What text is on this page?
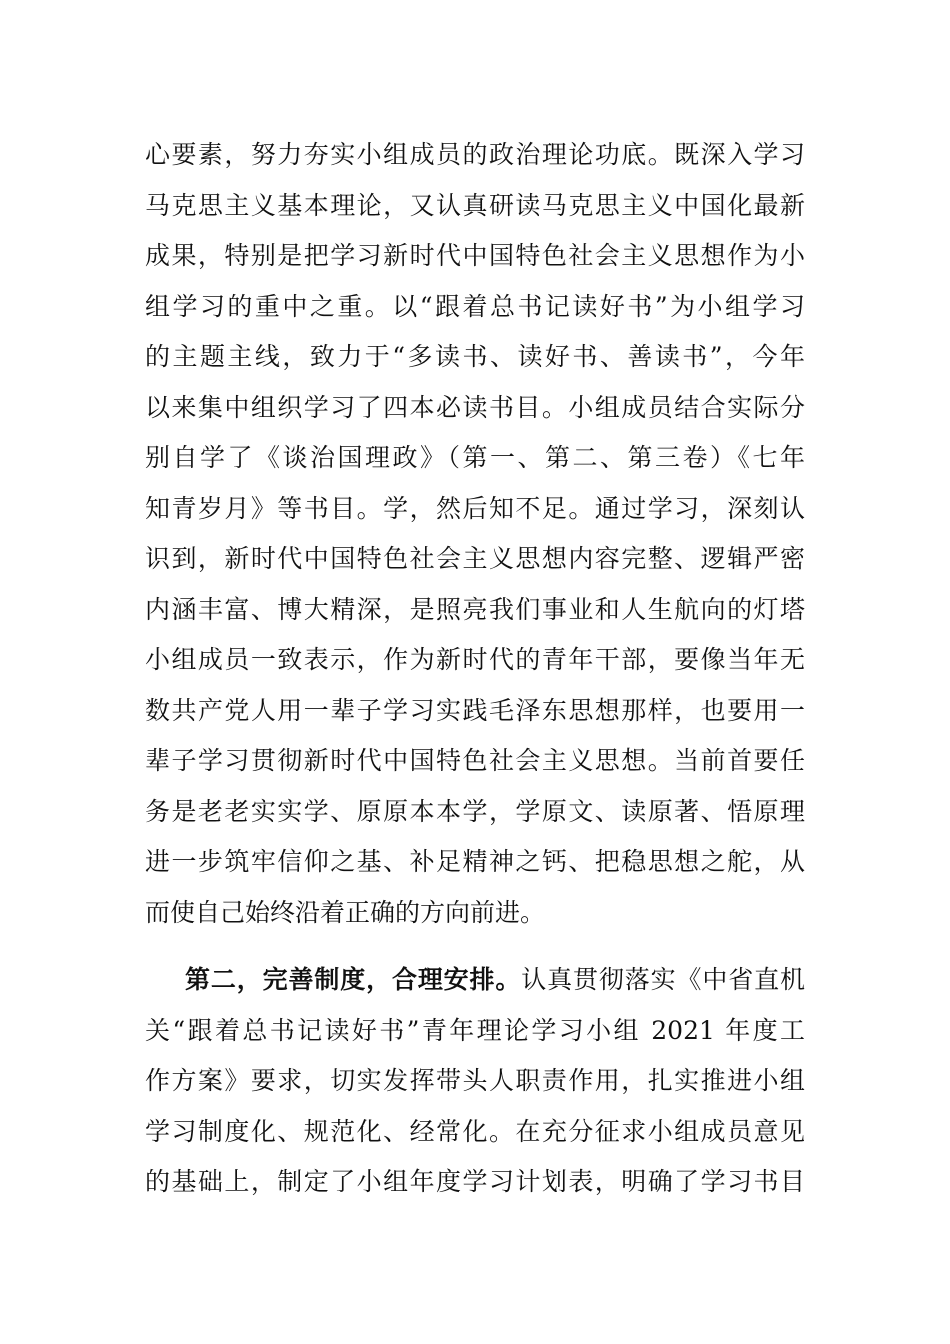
心要素，努力夯实小组成员的政治理论功底。既深入学习
马克思主义基本理论，又认真研读马克思主义中国化最新
成果，特别是把学习新时代中国特色社会主义思想作为小
组学习的重中之重。以“跟着总书记读好书”为小组学习
的主题主线，致力于“多读书、读好书、善读书”，今年
以来集中组织学习了四本必读书目。小组成员结合实际分
别自学了《谈治国理政》（第一、第二、第三卷）《七年
知青岁月》等书目。学，然后知不足。通过学习，深刻认
识到，新时代中国特色社会主义思想内容完整、逻辑严密
内涵丰富、博大精深，是照亮我们事业和人生航向的灯塔
小组成员一致表示，作为新时代的青年干部，要像当年无
数共产党人用一辈子学习实践毛泽东思想那样，也要用一
辈子学习贯彻新时代中国特色社会主义思想。当前首要任
务是老老实实学、原原本本学，学原文、读原著、悟原理
进一步筑牢信仰之基、补足精神之钙、把稳思想之舵，从
而使自己始终沿着正确的方向前进。
第二，完善制度，合理安排。认真贯彻落实《中省直机
关“跟着总书记读好书”青年理论学习小组 2021 年度工
作方案》要求，切实发挥带头人职责作用，扎实推进小组
学习制度化、规范化、经常化。在充分征求小组成员意见
的基础上，制定了小组年度学习计划表，明确了学习书目
